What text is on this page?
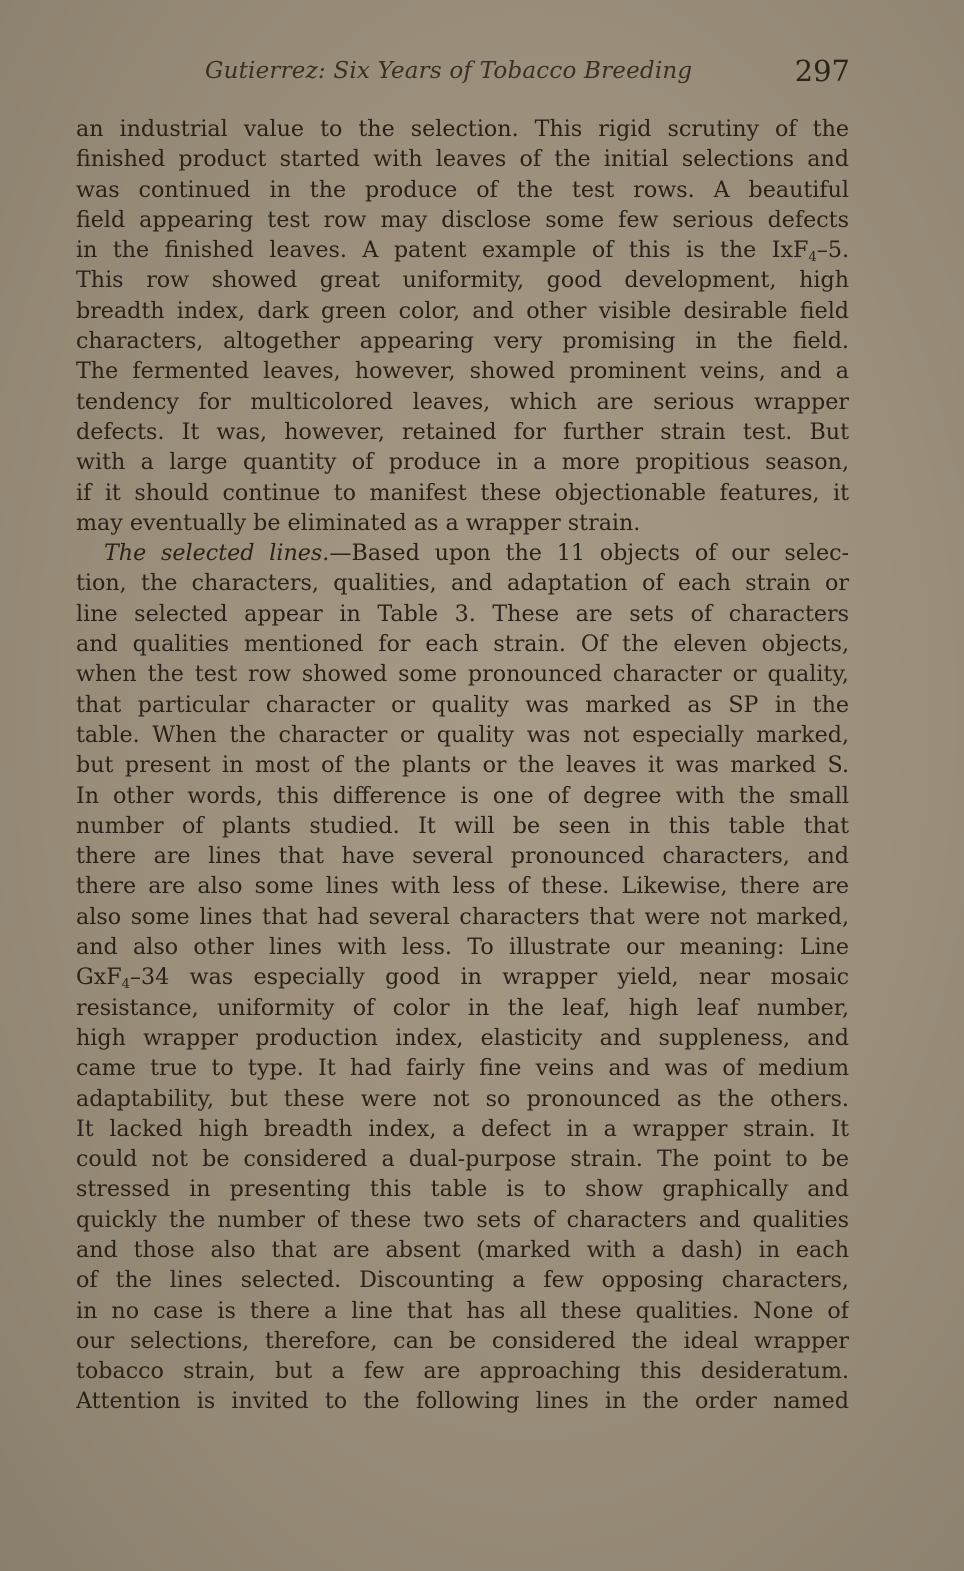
Gutierrez: Six Years of Tobacco Breeding	297
an industrial value to the selection. This rigid scrutiny of the
finished product started with leaves of the initial selections and
was continued in the produce of the test rows. A beautiful
field appearing test row may disclose some few serious defects
in the finished leaves. A patent example of this is the IxF$_4$–5.
This row showed great uniformity, good development, high
breadth index, dark green color, and other visible desirable field
characters, altogether appearing very promising in the field.
The fermented leaves, however, showed prominent veins, and a
tendency for multicolored leaves, which are serious wrapper
defects. It was, however, retained for further strain test. But
with a large quantity of produce in a more propitious season,
if it should continue to manifest these objectionable features, it
may eventually be eliminated as a wrapper strain.
The selected lines.—Based upon the 11 objects of our selec-
tion, the characters, qualities, and adaptation of each strain or
line selected appear in Table 3. These are sets of characters
and qualities mentioned for each strain. Of the eleven objects,
when the test row showed some pronounced character or quality,
that particular character or quality was marked as SP in the
table. When the character or quality was not especially marked,
but present in most of the plants or the leaves it was marked S.
In other words, this difference is one of degree with the small
number of plants studied. It will be seen in this table that
there are lines that have several pronounced characters, and
there are also some lines with less of these. Likewise, there are
also some lines that had several characters that were not marked,
and also other lines with less. To illustrate our meaning: Line
GxF$_4$–34 was especially good in wrapper yield, near mosaic
resistance, uniformity of color in the leaf, high leaf number,
high wrapper production index, elasticity and suppleness, and
came true to type. It had fairly fine veins and was of medium
adaptability, but these were not so pronounced as the others.
It lacked high breadth index, a defect in a wrapper strain. It
could not be considered a dual-purpose strain. The point to be
stressed in presenting this table is to show graphically and
quickly the number of these two sets of characters and qualities
and those also that are absent (marked with a dash) in each
of the lines selected. Discounting a few opposing characters,
in no case is there a line that has all these qualities. None of
our selections, therefore, can be considered the ideal wrapper
tobacco strain, but a few are approaching this desideratum.
Attention is invited to the following lines in the order named
